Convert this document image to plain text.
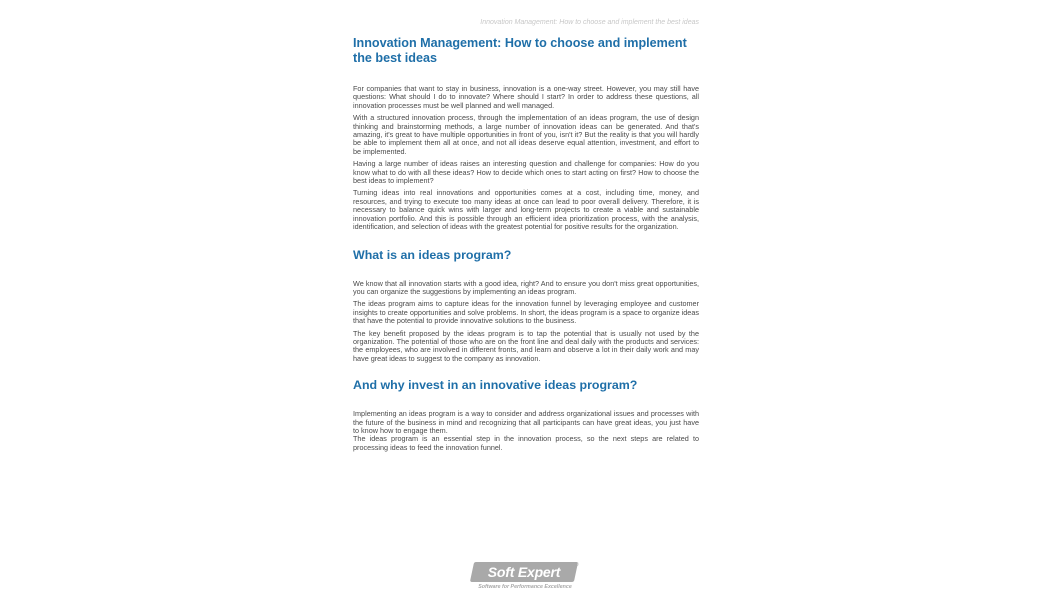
Innovation Management: How to choose and implement the best ideas
Innovation Management: How to choose and implement the best ideas

For companies that want to stay in business, innovation is a one-way street. However, you may still have questions: What should I do to innovate? Where should I start? In order to address these questions, all innovation processes must be well planned and well managed.

With a structured innovation process, through the implementation of an ideas program, the use of design thinking and brainstorming methods, a large number of innovation ideas can be generated. And that's amazing, it's great to have multiple opportunities in front of you, isn't it? But the reality is that you will hardly be able to implement them all at once, and not all ideas deserve equal attention, investment, and effort to be implemented.

Having a large number of ideas raises an interesting question and challenge for companies: How do you know what to do with all these ideas? How to decide which ones to start acting on first? How to choose the best ideas to implement?

Turning ideas into real innovations and opportunities comes at a cost, including time, money, and resources, and trying to execute too many ideas at once can lead to poor overall delivery. Therefore, it is necessary to balance quick wins with larger and long-term projects to create a viable and sustainable innovation portfolio. And this is possible through an efficient idea prioritization process, with the analysis, identification, and selection of ideas with the greatest potential for positive results for the organization.

What is an ideas program?

We know that all innovation starts with a good idea, right? And to ensure you don't miss great opportunities, you can organize the suggestions by implementing an ideas program.

The ideas program aims to capture ideas for the innovation funnel by leveraging employee and customer insights to create opportunities and solve problems. In short, the ideas program is a space to organize ideas that have the potential to provide innovative solutions to the business.

The key benefit proposed by the ideas program is to tap the potential that is usually not used by the organization. The potential of those who are on the front line and deal daily with the products and services: the employees, who are involved in different fronts, and learn and observe a lot in their daily work and may have great ideas to suggest to the company as innovation.

And why invest in an innovative ideas program?

Implementing an ideas program is a way to consider and address organizational issues and processes with the future of the business in mind and recognizing that all participants can have great ideas, you just have to know how to engage them.

The ideas program is an essential step in the innovation process, so the next steps are related to processing ideas to feed the innovation funnel.

Soft Expert	®
Software for Performance Excellence
